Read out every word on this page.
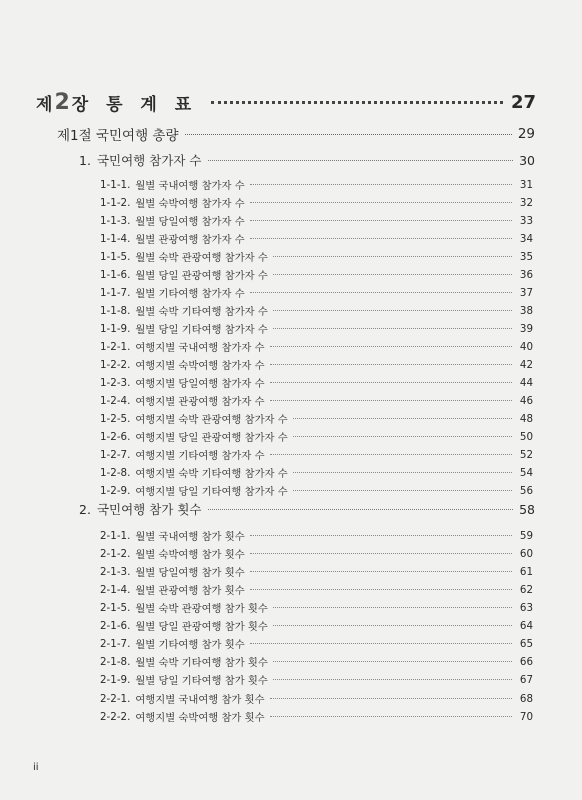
제 2 장 통 계 표	27
제1절 국민여행 총량	29
1. 국민여행 참가자 수	30
1-1-1. 월별 국내여행 참가자 수	31
1-1-2. 월별 숙박여행 참가자 수	32
1-1-3. 월별 당일여행 참가자 수	33
1-1-4. 월별 관광여행 참가자 수	34
1-1-5. 월별 숙박 관광여행 참가자 수	35
1-1-6. 월별 당일 관광여행 참가자 수	36
1-1-7. 월별 기타여행 참가자 수	37
1-1-8. 월별 숙박 기타여행 참가자 수	38
1-1-9. 월별 당일 기타여행 참가자 수	39
1-2-1. 여행지별 국내여행 참가자 수	40
1-2-2. 여행지별 숙박여행 참가자 수	42
1-2-3. 여행지별 당일여행 참가자 수	44
1-2-4. 여행지별 관광여행 참가자 수	46
1-2-5. 여행지별 숙박 관광여행 참가자 수	48
1-2-6. 여행지별 당일 관광여행 참가자 수	50
1-2-7. 여행지별 기타여행 참가자 수	52
1-2-8. 여행지별 숙박 기타여행 참가자 수	54
1-2-9. 여행지별 당일 기타여행 참가자 수	56
2. 국민여행 참가 횟수	58
2-1-1. 월별 국내여행 참가 횟수	59
2-1-2. 월별 숙박여행 참가 횟수	60
2-1-3. 월별 당일여행 참가 횟수	61
2-1-4. 월별 관광여행 참가 횟수	62
2-1-5. 월별 숙박 관광여행 참가 횟수	63
2-1-6. 월별 당일 관광여행 참가 횟수	64
2-1-7. 월별 기타여행 참가 횟수	65
2-1-8. 월별 숙박 기타여행 참가 횟수	66
2-1-9. 월별 당일 기타여행 참가 횟수	67
2-2-1. 여행지별 국내여행 참가 횟수	68
2-2-2. 여행지별 숙박여행 참가 횟수	70
ii
